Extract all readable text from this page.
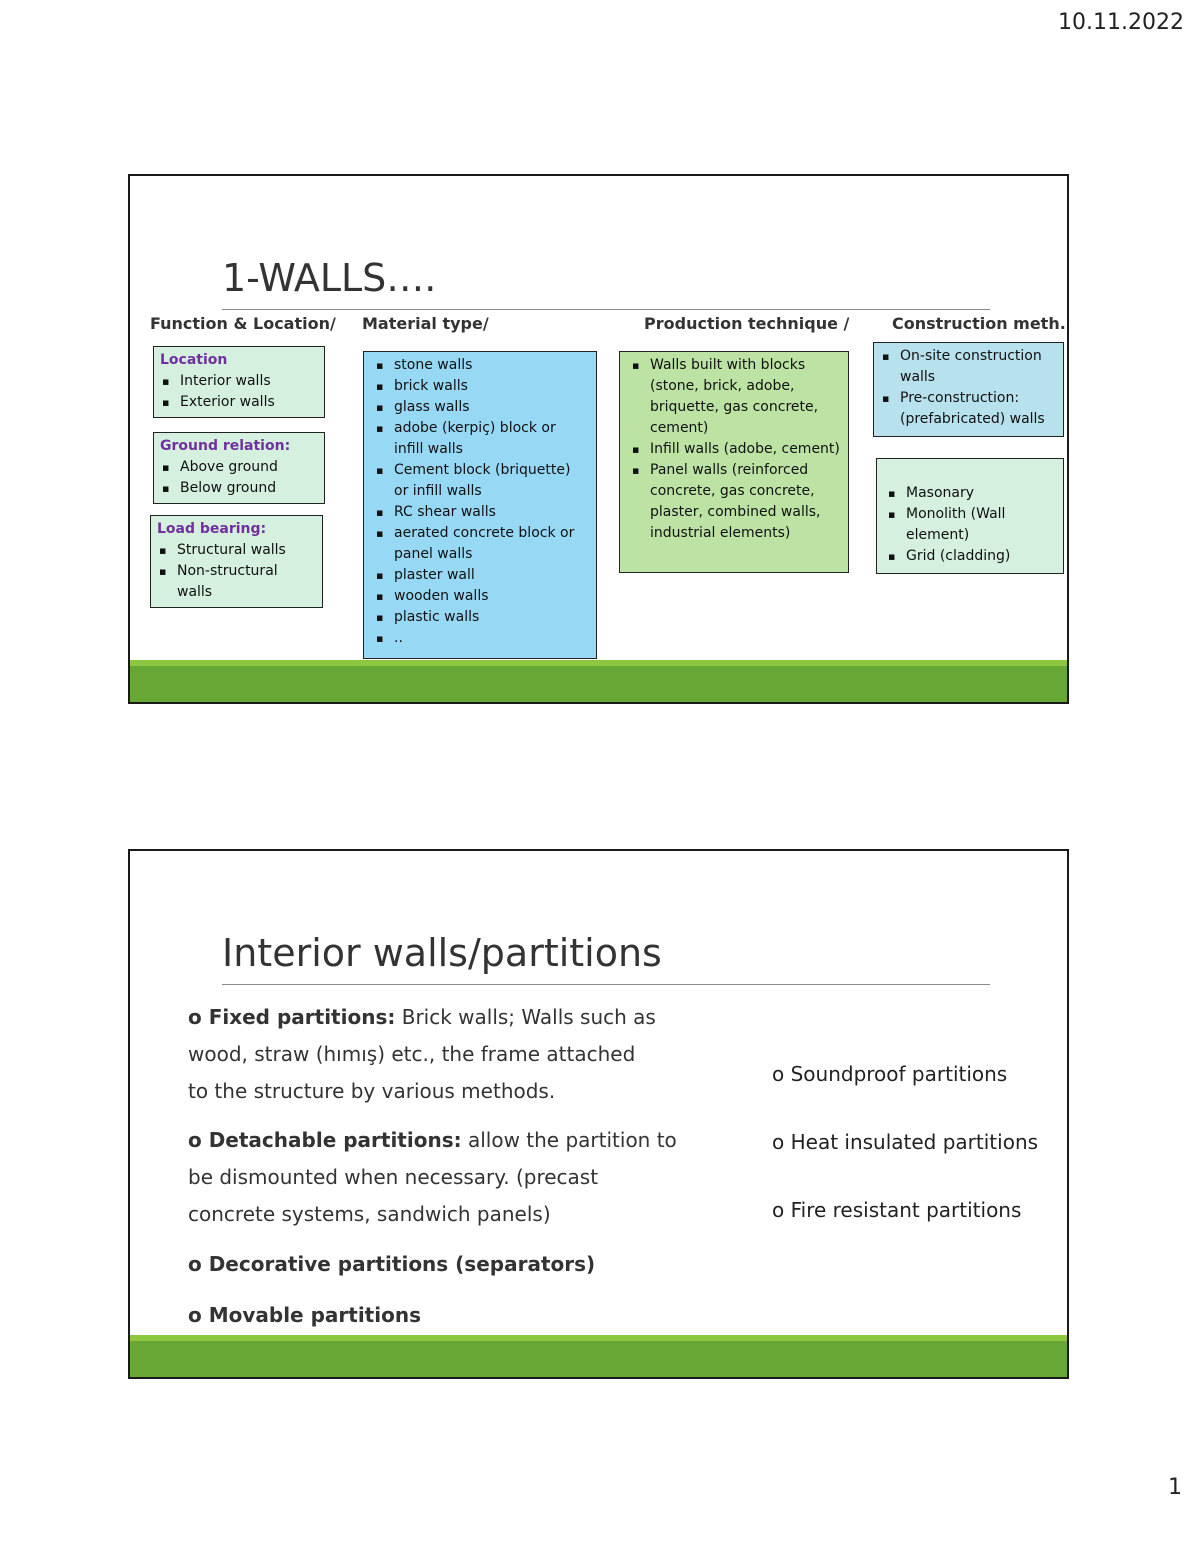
10.11.2022
1-WALLS….
Function & Location/ Material type/	Production technique /	Construction meth.
Location
▪ Interior walls
▪ Exterior walls
Ground relation:
▪ Above ground
▪ Below ground
Load bearing:
▪ Structural walls
▪ Non-structural walls
▪ stone walls
▪ brick walls
▪ glass walls
▪ adobe (kerpiç) block or infill walls
▪ Cement block (briquette) or infill walls
▪ RC shear walls
▪ aerated concrete block or panel walls
▪ plaster wall
▪ wooden walls
▪ plastic walls
▪ ..
▪ Walls built with blocks (stone, brick, adobe, briquette, gas concrete, cement)
▪ Infill walls (adobe, cement)
▪ Panel walls (reinforced concrete, gas concrete, plaster, combined walls, industrial elements)
▪ On-site construction walls
▪ Pre-construction: (prefabricated) walls
▪ Masonary
▪ Monolith (Wall element)
▪ Grid (cladding)
Interior walls/partitions
o Fixed partitions: Brick walls; Walls such as wood, straw (hımış) etc., the frame attached to the structure by various methods.
o Detachable partitions: allow the partition to be dismounted when necessary. (precast concrete systems, sandwich panels)
o Decorative partitions (separators)
o Movable partitions
o Soundproof partitions
o Heat insulated partitions
o Fire resistant partitions
1
